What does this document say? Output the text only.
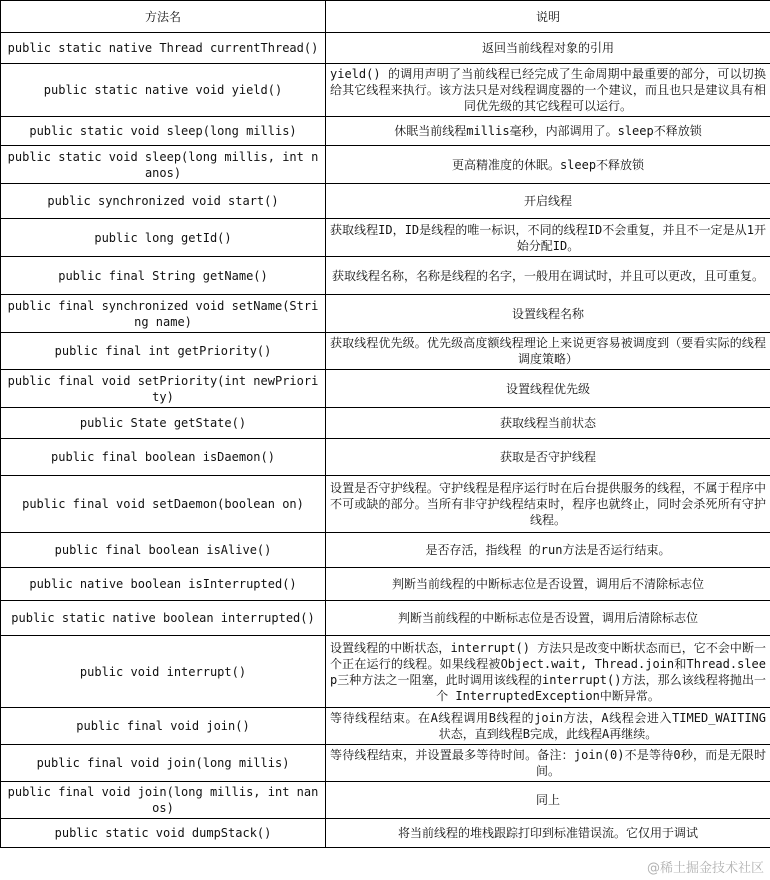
方法名	说明
public static native Thread currentThread()	返回当前线程对象的引用
public static native void yield()	yield() 的调用声明了当前线程已经完成了生命周期中最重要的部分，可以切换给其它线程来执行。该方法只是对线程调度器的一个建议，而且也只是建议具有相同优先级的其它线程可以运行。
public static void sleep(long millis)	休眠当前线程millis毫秒，内部调用了。sleep不释放锁
public static void sleep(long millis, int nanos)	更高精准度的休眠。sleep不释放锁
public synchronized void start()	开启线程
public long getId()	获取线程ID，ID是线程的唯一标识，不同的线程ID不会重复，并且不一定是从1开始分配ID。
public final String getName()	获取线程名称，名称是线程的名字，一般用在调试时，并且可以更改，且可重复。
public final synchronized void setName(String name)	设置线程名称
public final int getPriority()	获取线程优先级。优先级高度额线程理论上来说更容易被调度到（要看实际的线程调度策略）
public final void setPriority(int newPriority)	设置线程优先级
public State getState()	获取线程当前状态
public final boolean isDaemon()	获取是否守护线程
public final void setDaemon(boolean on)	设置是否守护线程。守护线程是程序运行时在后台提供服务的线程，不属于程序中不可或缺的部分。当所有非守护线程结束时，程序也就终止，同时会杀死所有守护线程。
public final boolean isAlive()	是否存活，指线程 的run方法是否运行结束。
public native boolean isInterrupted()	判断当前线程的中断标志位是否设置，调用后不清除标志位
public static native boolean interrupted()	判断当前线程的中断标志位是否设置，调用后清除标志位
public void interrupt()	设置线程的中断状态，interrupt() 方法只是改变中断状态而已，它不会中断一个正在运行的线程。如果线程被Object.wait, Thread.join和Thread.sleep三种方法之一阻塞，此时调用该线程的interrupt()方法，那么该线程将抛出一个 InterruptedException中断异常。
public final void join()	等待线程结束。在A线程调用B线程的join方法，A线程会进入TIMED_WAITING 状态，直到线程B完成，此线程A再继续。
public final void join(long millis)	等待线程结束，并设置最多等待时间。备注：join(0)不是等待0秒，而是无限时间。
public final void join(long millis, int nanos)	同上
public static void dumpStack()	将当前线程的堆栈跟踪打印到标准错误流。它仅用于调试
@稀土掘金技术社区
